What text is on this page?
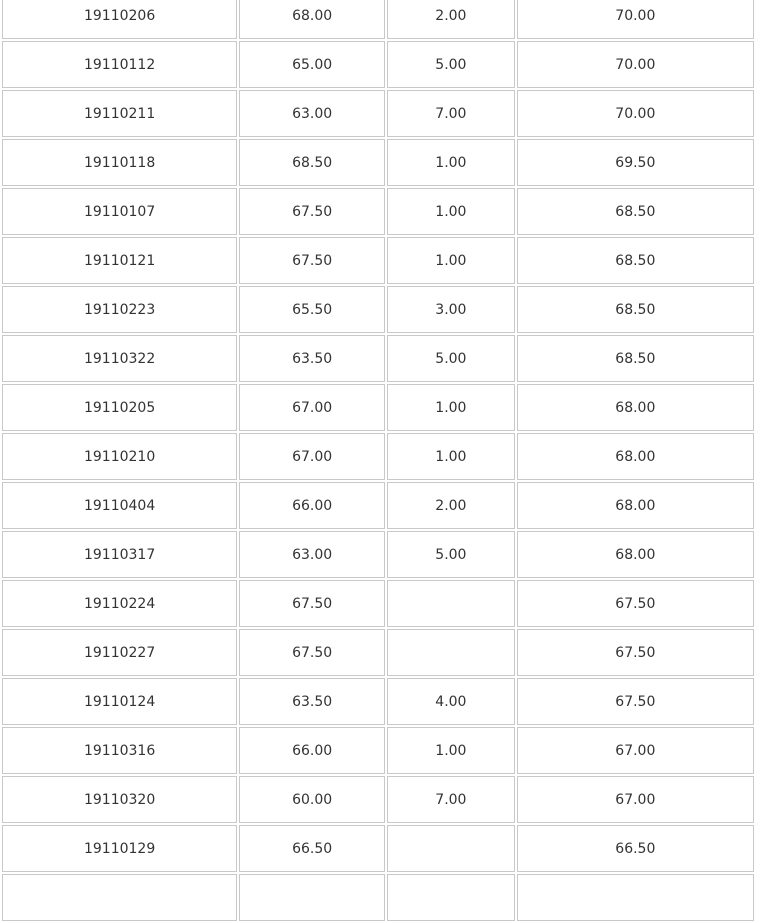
19110206	68.00	2.00	70.00
19110112	65.00	5.00	70.00
19110211	63.00	7.00	70.00
19110118	68.50	1.00	69.50
19110107	67.50	1.00	68.50
19110121	67.50	1.00	68.50
19110223	65.50	3.00	68.50
19110322	63.50	5.00	68.50
19110205	67.00	1.00	68.00
19110210	67.00	1.00	68.00
19110404	66.00	2.00	68.00
19110317	63.00	5.00	68.00
19110224	67.50		67.50
19110227	67.50		67.50
19110124	63.50	4.00	67.50
19110316	66.00	1.00	67.00
19110320	60.00	7.00	67.00
19110129	66.50		66.50
